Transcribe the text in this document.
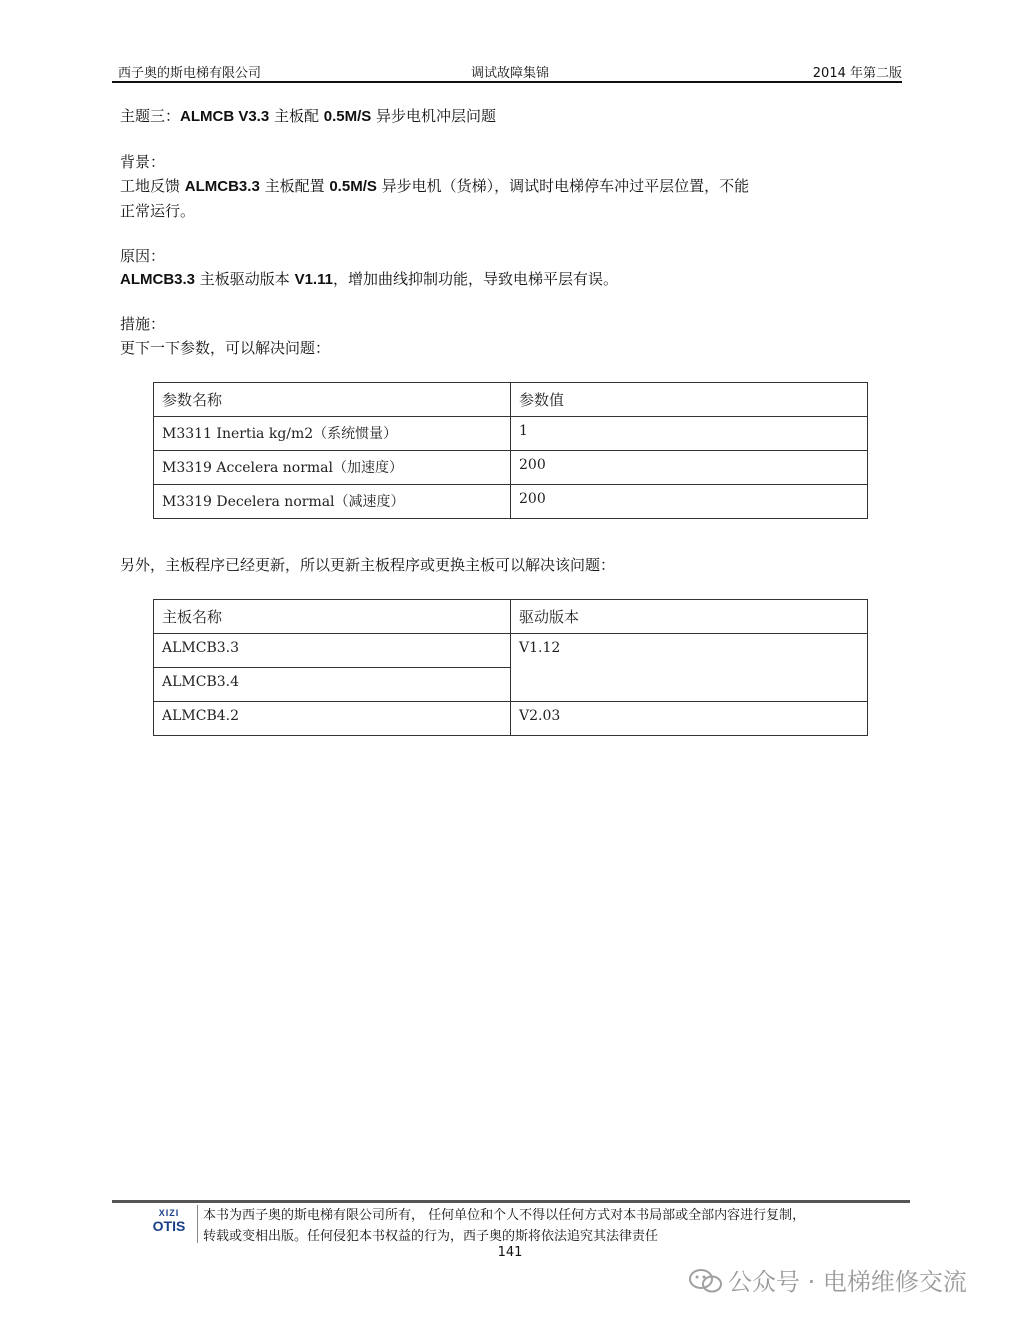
西子奥的斯电梯有限公司	调试故障集锦	2014 年第二版
主题三：ALMCB V3.3 主板配 0.5M/S 异步电机冲层问题
背景：
工地反馈 ALMCB3.3 主板配置 0.5M/S 异步电机（货梯），调试时电梯停车冲过平层位置，不能
正常运行。
原因：
ALMCB3.3 主板驱动版本 V1.11，增加曲线抑制功能，导致电梯平层有误。
措施：
更下一下参数，可以解决问题：
参数名称	参数值
M3311 Inertia kg/m2（系统惯量）	1
M3319 Accelera normal（加速度）	200
M3319 Decelera normal（减速度）	200
另外，主板程序已经更新，所以更新主板程序或更换主板可以解决该问题：
主板名称	驱动版本
ALMCB3.3	V1.12
ALMCB3.4	
ALMCB4.2	V2.03
XIZI
OTIS
本书为西子奥的斯电梯有限公司所有， 任何单位和个人不得以任何方式对本书局部或全部内容进行复制，
转载或变相出版。任何侵犯本书权益的行为，西子奥的斯将依法追究其法律责任
141
公众号 · 电梯维修交流
